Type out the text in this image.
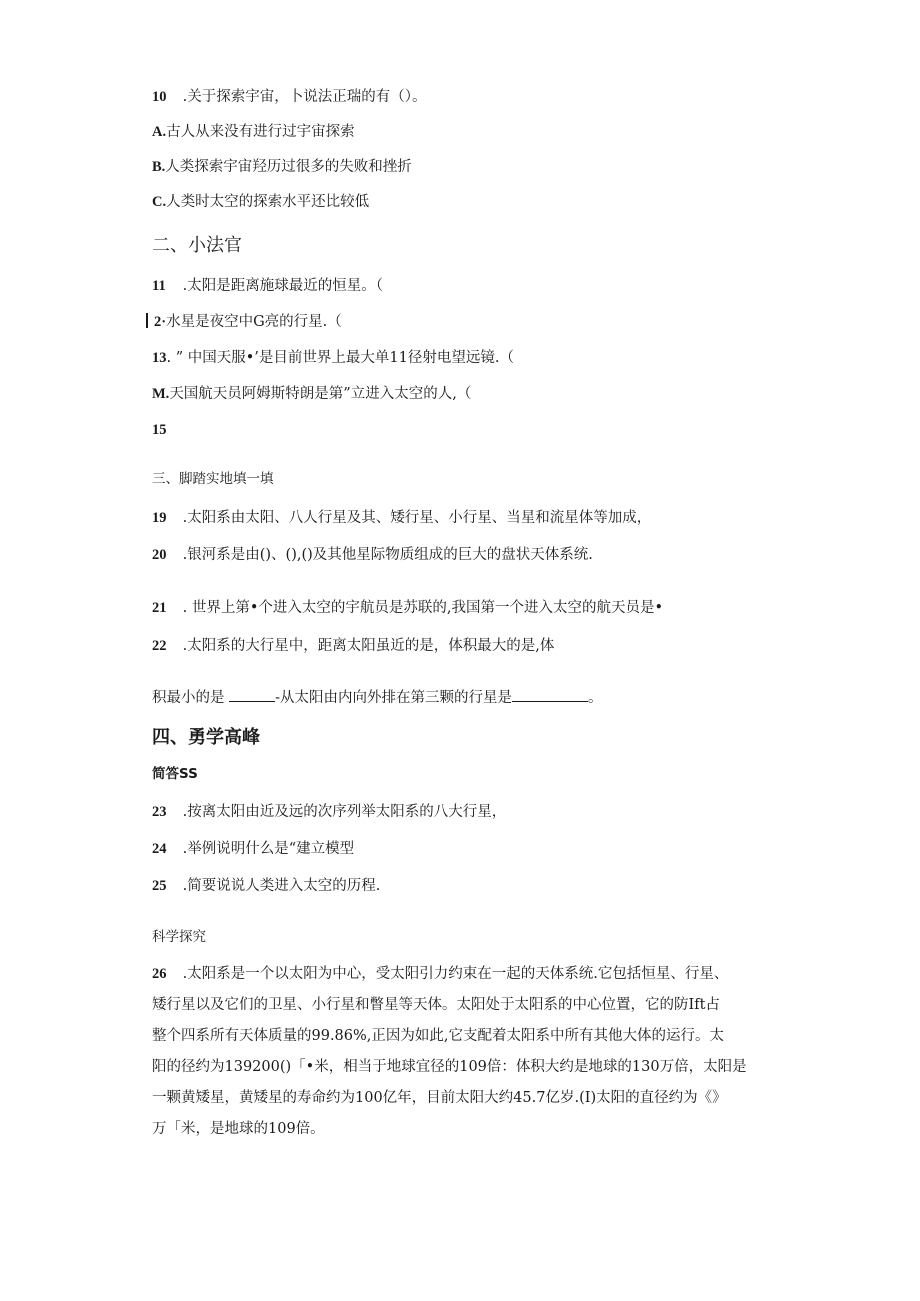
10 .关于探索宇宙，卜说法正瑞的有（）。
A.古人从来没有进行过宇宙探索
B.人类探索宇宙羟历过很多的失败和挫折
C.人类时太空的探索水平还比较低
二、小法官
11 .太阳是距离施球最近的恒星。（
2·水星是夜空中G亮的行星.（
13. ” 中国天服•’是目前世界上最大单11径射电望远镜.（
M.天国航天员阿姆斯特朗是第”立进入太空的人,（
15
三、脚踏实地填一填
19 .太阳系由太阳、八人行星及其、矮行星、小行星、当星和流星体等加成，
20 .银河系是由()、(),()及其他星际物质组成的巨大的盘状天体系统.
21 . 世界上第•个进入太空的宇航员是苏联的,我国第一个进入太空的航天员是•
22 .太阳系的大行星中，距离太阳虽近的是，体积最大的是,体
积最小的是	-从太阳由内向外排在第三颗的行星是	。
四、勇学高峰
简答SS
23 .按离太阳由近及远的次序列举太阳系的八大行星，
24 .举例说明什么是“建立模型
25 .简要说说人类进入太空的历程.
科学探究
26 .太阳系是一个以太阳为中心，受太阳引力约束在一起的天体系统.它包括恒星、行星、
矮行星以及它们的卫星、小行星和瞥星等天体。太阳处于太阳系的中心位置，它的防Ift占
整个四系所有天体质量的99.86%,正因为如此,它支配着太阳系中所有其他大体的运行。太
阳的径约为139200()「•米，相当于地球宜径的109倍：体积大约是地球的130万倍，太阳是
一颗黄矮星，黄矮星的寿命约为100亿年，目前太阳大约45.7亿岁.(I)太阳的直径约为《》
万「米，是地球的109倍。
